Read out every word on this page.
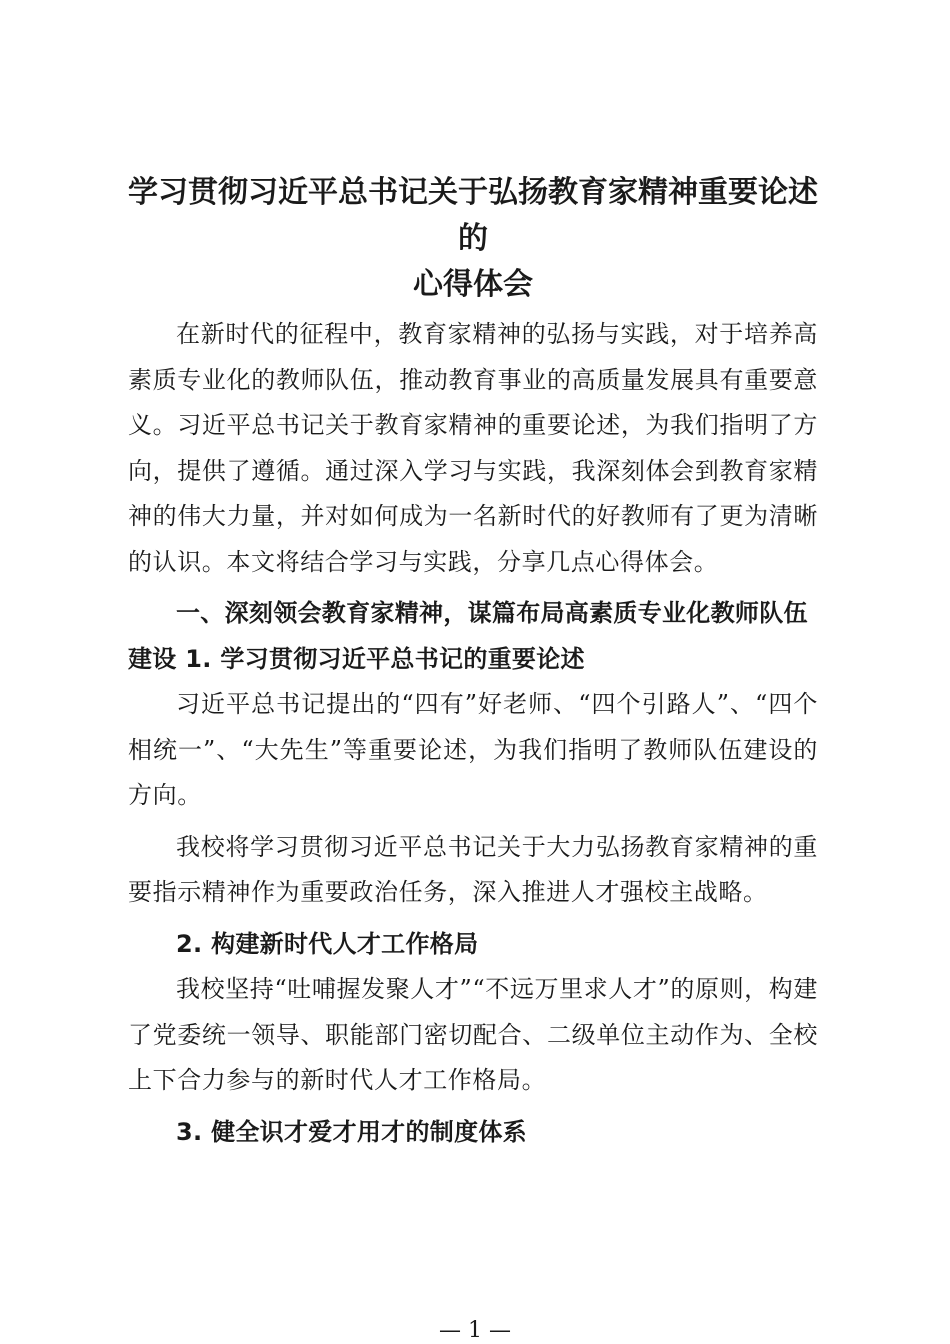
学习贯彻习近平总书记关于弘扬教育家精神重要论述的
心得体会

在新时代的征程中，教育家精神的弘扬与实践，对于培养高素质专业化的教师队伍，推动教育事业的高质量发展具有重要意义。习近平总书记关于教育家精神的重要论述，为我们指明了方向，提供了遵循。通过深入学习与实践，我深刻体会到教育家精神的伟大力量，并对如何成为一名新时代的好教师有了更为清晰的认识。本文将结合学习与实践，分享几点心得体会。

一、深刻领会教育家精神，谋篇布局高素质专业化教师队伍建设 1. 学习贯彻习近平总书记的重要论述

习近平总书记提出的“四有”好老师、“四个引路人”、“四个相统一”、“大先生”等重要论述，为我们指明了教师队伍建设的方向。

我校将学习贯彻习近平总书记关于大力弘扬教育家精神的重要指示精神作为重要政治任务，深入推进人才强校主战略。

2. 构建新时代人才工作格局

我校坚持“吐哺握发聚人才”“不远万里求人才”的原则，构建了党委统一领导、职能部门密切配合、二级单位主动作为、全校上下合力参与的新时代人才工作格局。

3. 健全识才爱才用才的制度体系

— 1 —
